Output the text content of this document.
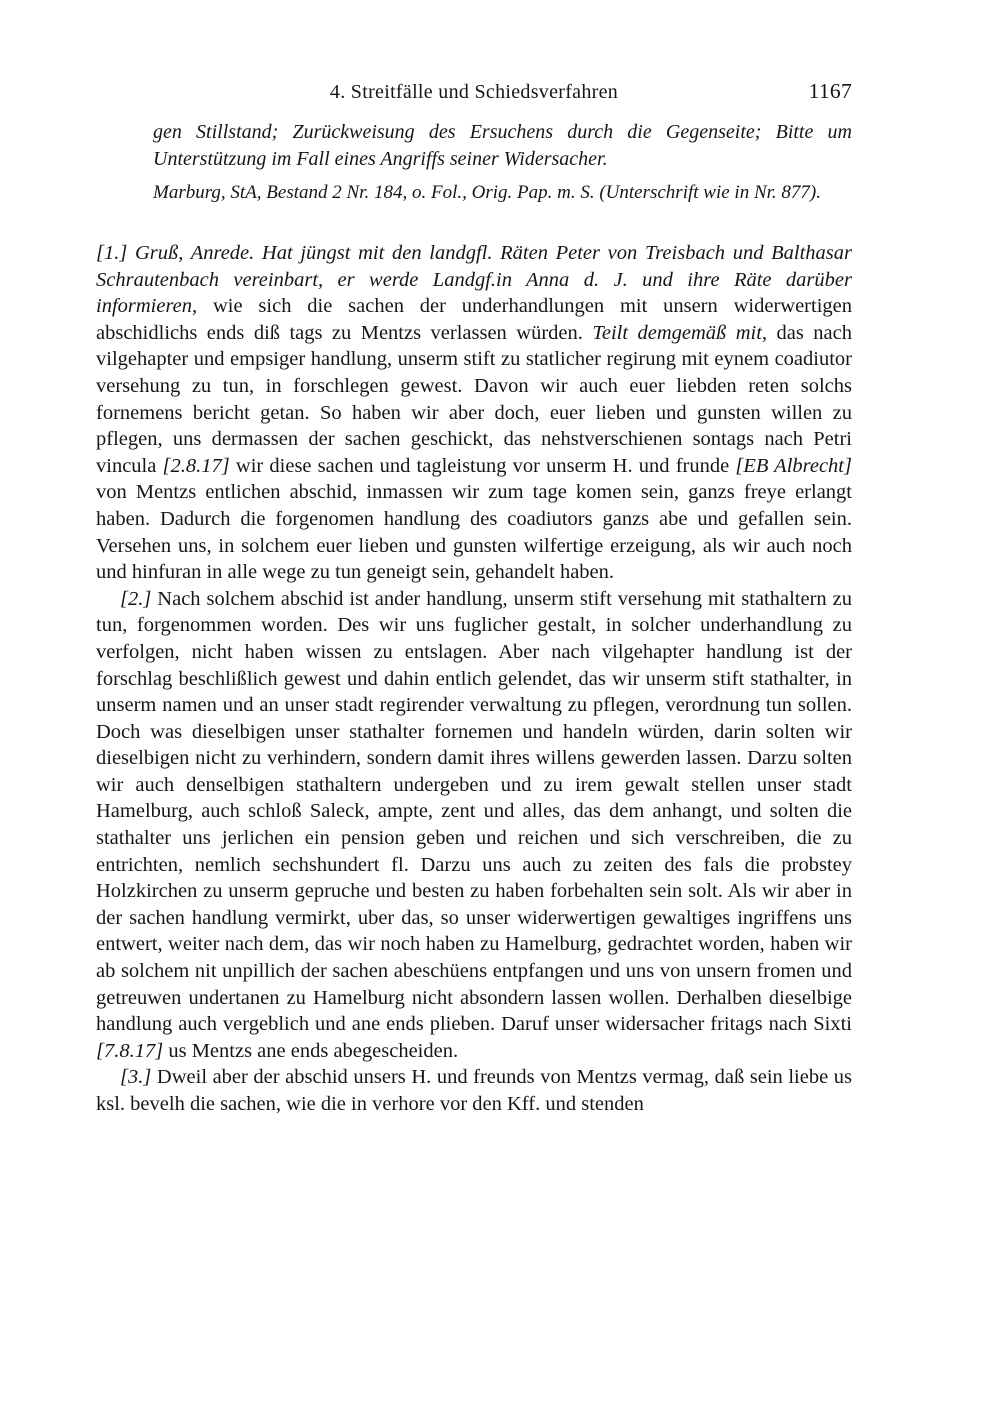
4. Streitfälle und Schiedsverfahren	1167
gen Stillstand; Zurückweisung des Ersuchens durch die Gegenseite; Bitte um Unterstützung im Fall eines Angriffs seiner Widersacher.
Marburg, StA, Bestand 2 Nr. 184, o. Fol., Orig. Pap. m. S. (Unterschrift wie in Nr. 877).

[1.] Gruß, Anrede. Hat jüngst mit den landgfl. Räten Peter von Treisbach und Balthasar Schrautenbach vereinbart, er werde Landgf.in Anna d. J. und ihre Räte darüber informieren, wie sich die sachen der underhandlungen mit unsern widerwertigen abschidlichs ends diß tags zu Mentzs verlassen würden. Teilt demgemäß mit, das nach vilgehapter und empsiger handlung, unserm stift zu statlicher regirung mit eynem coadiutor versehung zu tun, in forschlegen gewest. Davon wir auch euer liebden reten solchs fornemens bericht getan. So haben wir aber doch, euer lieben und gunsten willen zu pflegen, uns dermassen der sachen geschickt, das nehstverschienen sontags nach Petri vincula [2.8.17] wir diese sachen und tagleistung vor unserm H. und frunde [EB Albrecht] von Mentzs entlichen abschid, inmassen wir zum tage komen sein, ganzs freye erlangt haben. Dadurch die forgenomen handlung des coadiutors ganzs abe und gefallen sein. Versehen uns, in solchem euer lieben und gunsten wilfertige erzeigung, als wir auch noch und hinfuran in alle wege zu tun geneigt sein, gehandelt haben.

[2.] Nach solchem abschid ist ander handlung, unserm stift versehung mit stathaltern zu tun, forgenommen worden. Des wir uns fuglicher gestalt, in solcher underhandlung zu verfolgen, nicht haben wissen zu entslagen. Aber nach vilgehapter handlung ist der forschlag beschlißlich gewest und dahin entlich gelendet, das wir unserm stift stathalter, in unserm namen und an unser stadt regirender verwaltung zu pflegen, verordnung tun sollen. Doch was dieselbigen unser stathalter fornemen und handeln würden, darin solten wir dieselbigen nicht zu verhindern, sondern damit ihres willens gewerden lassen. Darzu solten wir auch denselbigen stathaltern undergeben und zu irem gewalt stellen unser stadt Hamelburg, auch schloß Saleck, ampte, zent und alles, das dem anhangt, und solten die stathalter uns jerlichen ein pension geben und reichen und sich verschreiben, die zu entrichten, nemlich sechshundert fl. Darzu uns auch zu zeiten des fals die probstey Holzkirchen zu unserm gepruche und besten zu haben forbehalten sein solt. Als wir aber in der sachen handlung vermirkt, uber das, so unser widerwertigen gewaltiges ingriffens uns entwert, weiter nach dem, das wir noch haben zu Hamelburg, gedrachtet worden, haben wir ab solchem nit unpillich der sachen abeschüens entpfangen und uns von unsern fromen und getreuwen undertanen zu Hamelburg nicht absondern lassen wollen. Derhalben dieselbige handlung auch vergeblich und ane ends plieben. Daruf unser widersacher fritags nach Sixti [7.8.17] us Mentzs ane ends abegescheiden.

[3.] Dweil aber der abschid unsers H. und freunds von Mentzs vermag, daß sein liebe us ksl. bevelh die sachen, wie die in verhore vor den Kff. und stenden
